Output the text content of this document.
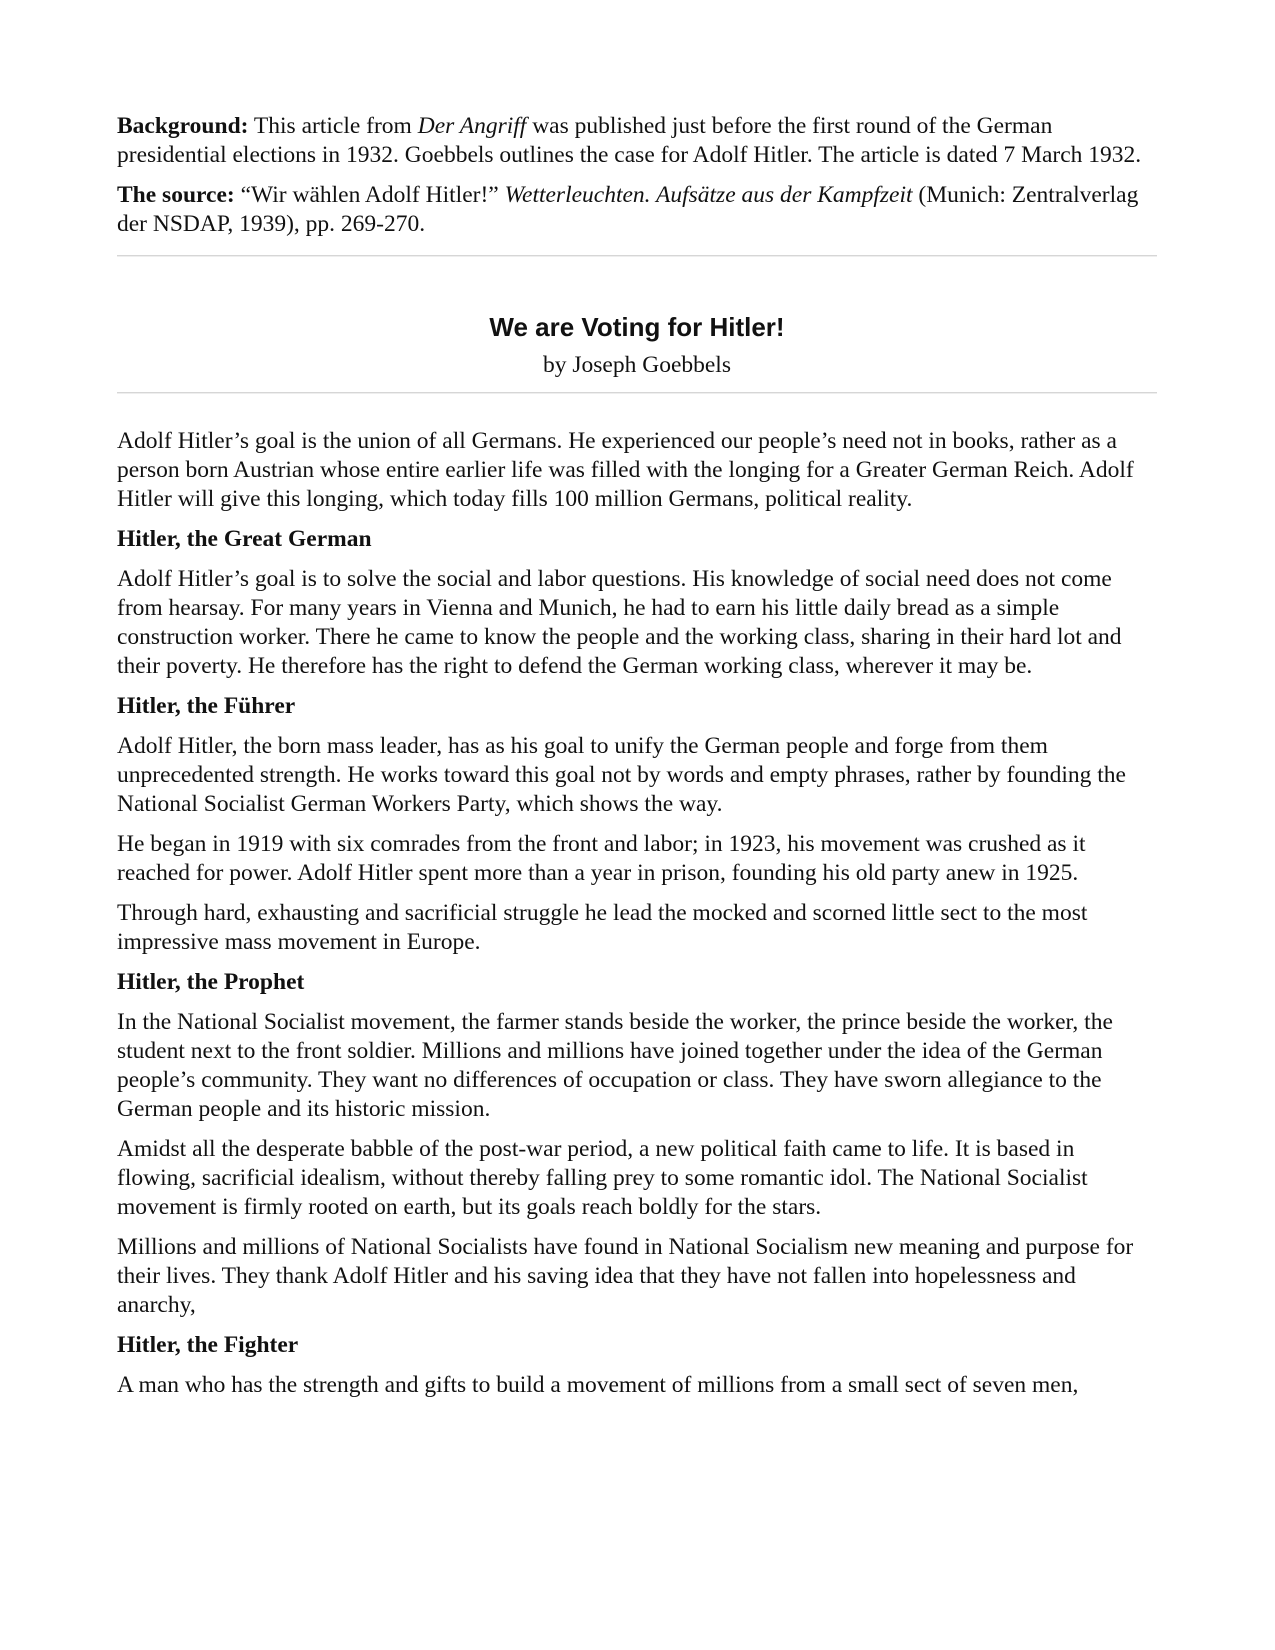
Background: This article from Der Angriff was published just before the first round of the German presidential elections in 1932. Goebbels outlines the case for Adolf Hitler. The article is dated 7 March 1932.

The source: “Wir wählen Adolf Hitler!” Wetterleuchten. Aufsätze aus der Kampfzeit (Munich: Zentralverlag der NSDAP, 1939), pp. 269-270.

We are Voting for Hitler!
by Joseph Goebbels

Adolf Hitler’s goal is the union of all Germans. He experienced our people’s need not in books, rather as a person born Austrian whose entire earlier life was filled with the longing for a Greater German Reich. Adolf Hitler will give this longing, which today fills 100 million Germans, political reality.

Hitler, the Great German

Adolf Hitler’s goal is to solve the social and labor questions. His knowledge of social need does not come from hearsay. For many years in Vienna and Munich, he had to earn his little daily bread as a simple construction worker. There he came to know the people and the working class, sharing in their hard lot and their poverty. He therefore has the right to defend the German working class, wherever it may be.

Hitler, the Führer

Adolf Hitler, the born mass leader, has as his goal to unify the German people and forge from them unprecedented strength. He works toward this goal not by words and empty phrases, rather by founding the National Socialist German Workers Party, which shows the way.

He began in 1919 with six comrades from the front and labor; in 1923, his movement was crushed as it reached for power. Adolf Hitler spent more than a year in prison, founding his old party anew in 1925.

Through hard, exhausting and sacrificial struggle he lead the mocked and scorned little sect to the most impressive mass movement in Europe.

Hitler, the Prophet

In the National Socialist movement, the farmer stands beside the worker, the prince beside the worker, the student next to the front soldier. Millions and millions have joined together under the idea of the German people’s community. They want no differences of occupation or class. They have sworn allegiance to the German people and its historic mission.

Amidst all the desperate babble of the post-war period, a new political faith came to life. It is based in flowing, sacrificial idealism, without thereby falling prey to some romantic idol. The National Socialist movement is firmly rooted on earth, but its goals reach boldly for the stars.

Millions and millions of National Socialists have found in National Socialism new meaning and purpose for their lives. They thank Adolf Hitler and his saving idea that they have not fallen into hopelessness and anarchy,

Hitler, the Fighter

A man who has the strength and gifts to build a movement of millions from a small sect of seven men,
